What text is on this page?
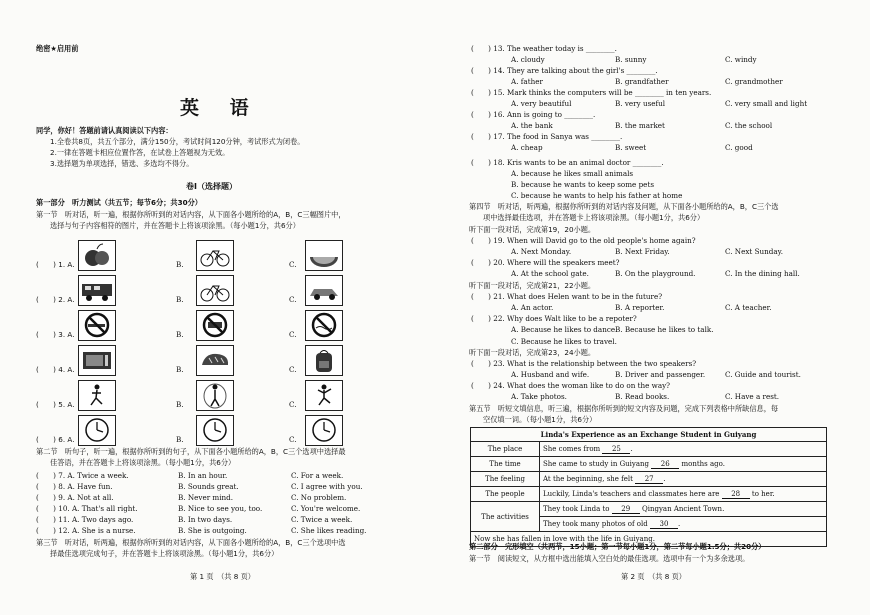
绝密★启用前
英 语
同学，你好！答题前请认真阅读以下内容：
1.全卷共8页，共五个部分，满分150分，考试时间120分钟，考试形式为闭卷。
2.一律在答题卡相应位置作答，在试卷上答题视为无效。
3.选择题为单项选择，错选、多选均不得分。
卷Ⅰ（选择题）
第一部分　听力测试（共五节；每节6分；共30分）
第一节　听对话，听一遍，根据你所听到的对话内容，从下面各小题所给的A，B，C三幅图片中，
选择与句子内容相符的图片，并在答题卡上将该项涂黑。（每小题1分，共6分）
(　　) 1. A.	B.	C.
(　　) 2. A.	B.	C.
(　　) 3. A.	B.	C.
(　　) 4. A.	B.	C.
(　　) 5. A.	B.	C.
(　　) 6. A.	B.	C.
第二节　听句子，听一遍，根据你所听到的句子，从下面各小题所给的A，B，C三个选项中选择最
佳答语，并在答题卡上将该项涂黑。（每小题1分，共6分）
(　　) 7. A. Twice a week.	B. In an hour.	C. For a week.
(　　) 8. A. Have fun.	B. Sounds great.	C. I agree with you.
(　　) 9. A. Not at all.	B. Never mind.	C. No problem.
(　　) 10. A. That's all right.	B. Nice to see you, too.	C. You're welcome.
(　　) 11. A. Two days ago.	B. In two days.	C. Twice a week.
(　　) 12. A. She is a nurse.	B. She is outgoing.	C. She likes reading.
第三节　听对话，听两遍，根据你所听到的对话内容，从下面各小题所给的A，B，C三个选项中选
择最佳选项完成句子，并在答题卡上将该项涂黑。（每小题1分，共6分）
第 1 页　（共 8 页）
(　　) 13. The weather today is ________.
A. cloudy	B. sunny	C. windy
(　　) 14. They are talking about the girl's ________.
A. father	B. grandfather	C. grandmother
(　　) 15. Mark thinks the computers will be ________ in ten years.
A. very beautiful	B. very useful	C. very small and light
(　　) 16. Ann is going to ________.
A. the bank	B. the market	C. the school
(　　) 17. The food in Sanya was ________.
A. cheap	B. sweet	C. good
(　　) 18. Kris wants to be an animal doctor ________.
A. because he likes small animals
B. because he wants to keep some pets
C. because he wants to help his father at home
第四节　听对话，听两遍，根据你所听到的对话内容及问题，从下面各小题所给的A，B，C三个选
项中选择最佳选项，并在答题卡上将该项涂黑。（每小题1分，共6分）
听下面一段对话，完成第19，20小题。
(　　) 19. When will David go to the old people's home again?
A. Next Monday.	B. Next Friday.	C. Next Sunday.
(　　) 20. Where will the speakers meet?
A. At the school gate.	B. On the playground.	C. In the dining hall.
听下面一段对话，完成第21，22小题。
(　　) 21. What does Helen want to be in the future?
A. An actor.	B. A reporter.	C. A teacher.
(　　) 22. Why does Walt like to be a repoter?
A. Because he likes to dance.
B. Because he likes to talk.
C. Because he likes to travel.
听下面一段对话，完成第23，24小题。
(　　) 23. What is the relationship between the two speakers?
A. Husband and wife.	B. Driver and passenger.	C. Guide and tourist.
(　　) 24. What does the woman like to do on the way?
A. Take photos.	B. Read books.	C. Have a rest.
第五节　听短文填信息，听三遍，根据你所听到的短文内容及问题，完成下列表格中所缺信息，每
空仅填一词。（每小题1分，共6分）
第二部分　完形填空（共两节，15小题；第一节每小题1分，第二节每小题1.5分；共20分）
第一节　阅读短文，从方框中选出能填入空白处的最佳选项。选项中有一个为多余选项。
第 2 页　（共 8 页）
Linda's Experience as an Exchange Student in Guiyang	
The place	She comes from 25 .
The time	She came to study in Guiyang 26 months ago.
The feeling	At the beginning, she felt 27 .
The people	Luckily, Linda's teachers and classmates here are 28 to her.
The activities	They took Linda to 29 Qingyan Ancient Town.
	They took many photos of old 30 .
Now she has fallen in love with the life in Guiyang.	
